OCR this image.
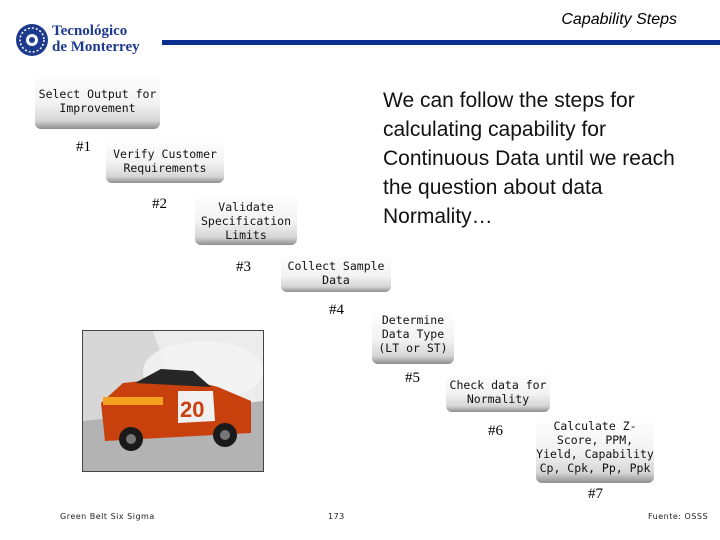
Capability Steps
Tecnológico
de Monterrey
We can follow the steps for calculating capability for Continuous Data until we reach the question about data Normality…
Select Output for Improvement
#1	Verify Customer Requirements
#2	Validate Specification Limits
#3	Collect Sample Data
#4
Determine Data Type (LT or ST)
#5	Check data for Normality
#6	Calculate Z-Score, PPM, Yield, Capability Cp, Cpk, Pp, Ppk
#7
20
Green Belt Six Sigma	173	Fuente: OSSS
